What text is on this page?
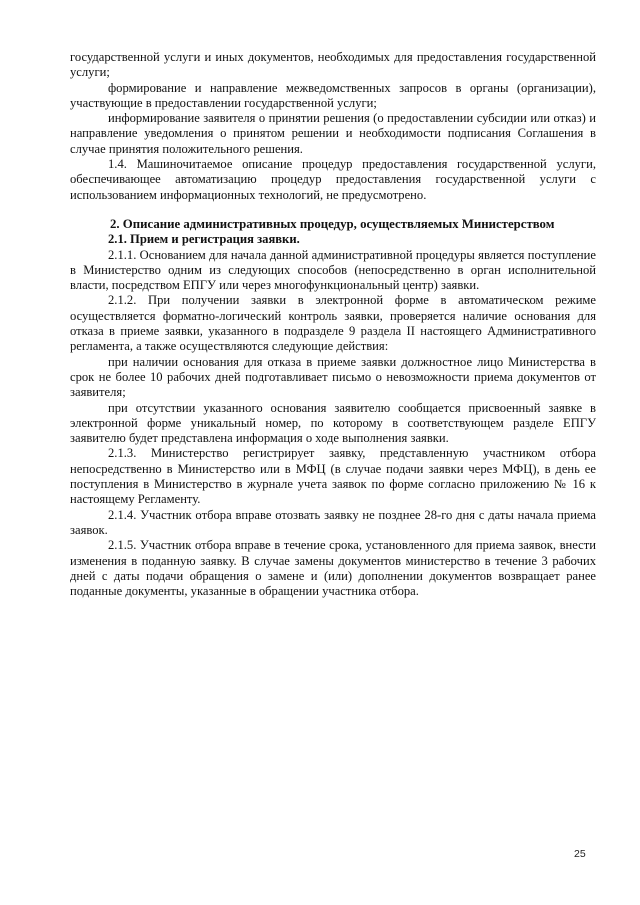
государственной услуги и иных документов, необходимых для предоставления государственной услуги;

формирование и направление межведомственных запросов в органы (организации), участвующие в предоставлении государственной услуги;

информирование заявителя о принятии решения (о предоставлении субсидии или отказ) и направление уведомления о принятом решении и необходимости подписания Соглашения в случае принятия положительного решения.

1.4. Машиночитаемое описание процедур предоставления государственной услуги, обеспечивающее автоматизацию процедур предоставления государственной услуги с использованием информационных технологий, не предусмотрено.

2. Описание административных процедур, осуществляемых Министерством

2.1. Прием и регистрация заявки.

2.1.1. Основанием для начала данной административной процедуры является поступление в Министерство одним из следующих способов (непосредственно в орган исполнительной власти, посредством ЕПГУ или через многофункциональный центр) заявки.

2.1.2. При получении заявки в электронной форме в автоматическом режиме осуществляется форматно-логический контроль заявки, проверяется наличие основания для отказа в приеме заявки, указанного в подразделе 9 раздела II настоящего Административного регламента, а также осуществляются следующие действия:

при наличии основания для отказа в приеме заявки должностное лицо Министерства в срок не более 10 рабочих дней подготавливает письмо о невозможности приема документов от заявителя;

при отсутствии указанного основания заявителю сообщается присвоенный заявке в электронной форме уникальный номер, по которому в соответствующем разделе ЕПГУ заявителю будет представлена информация о ходе выполнения заявки.

2.1.3. Министерство регистрирует заявку, представленную участником отбора непосредственно в Министерство или в МФЦ (в случае подачи заявки через МФЦ), в день ее поступления в Министерство в журнале учета заявок по форме согласно приложению № 16 к настоящему Регламенту.

2.1.4. Участник отбора вправе отозвать заявку не позднее 28-го дня с даты начала приема заявок.

2.1.5. Участник отбора вправе в течение срока, установленного для приема заявок, внести изменения в поданную заявку. В случае замены документов министерство в течение 3 рабочих дней с даты подачи обращения о замене и (или) дополнении документов возвращает ранее поданные документы, указанные в обращении участника отбора.

25
